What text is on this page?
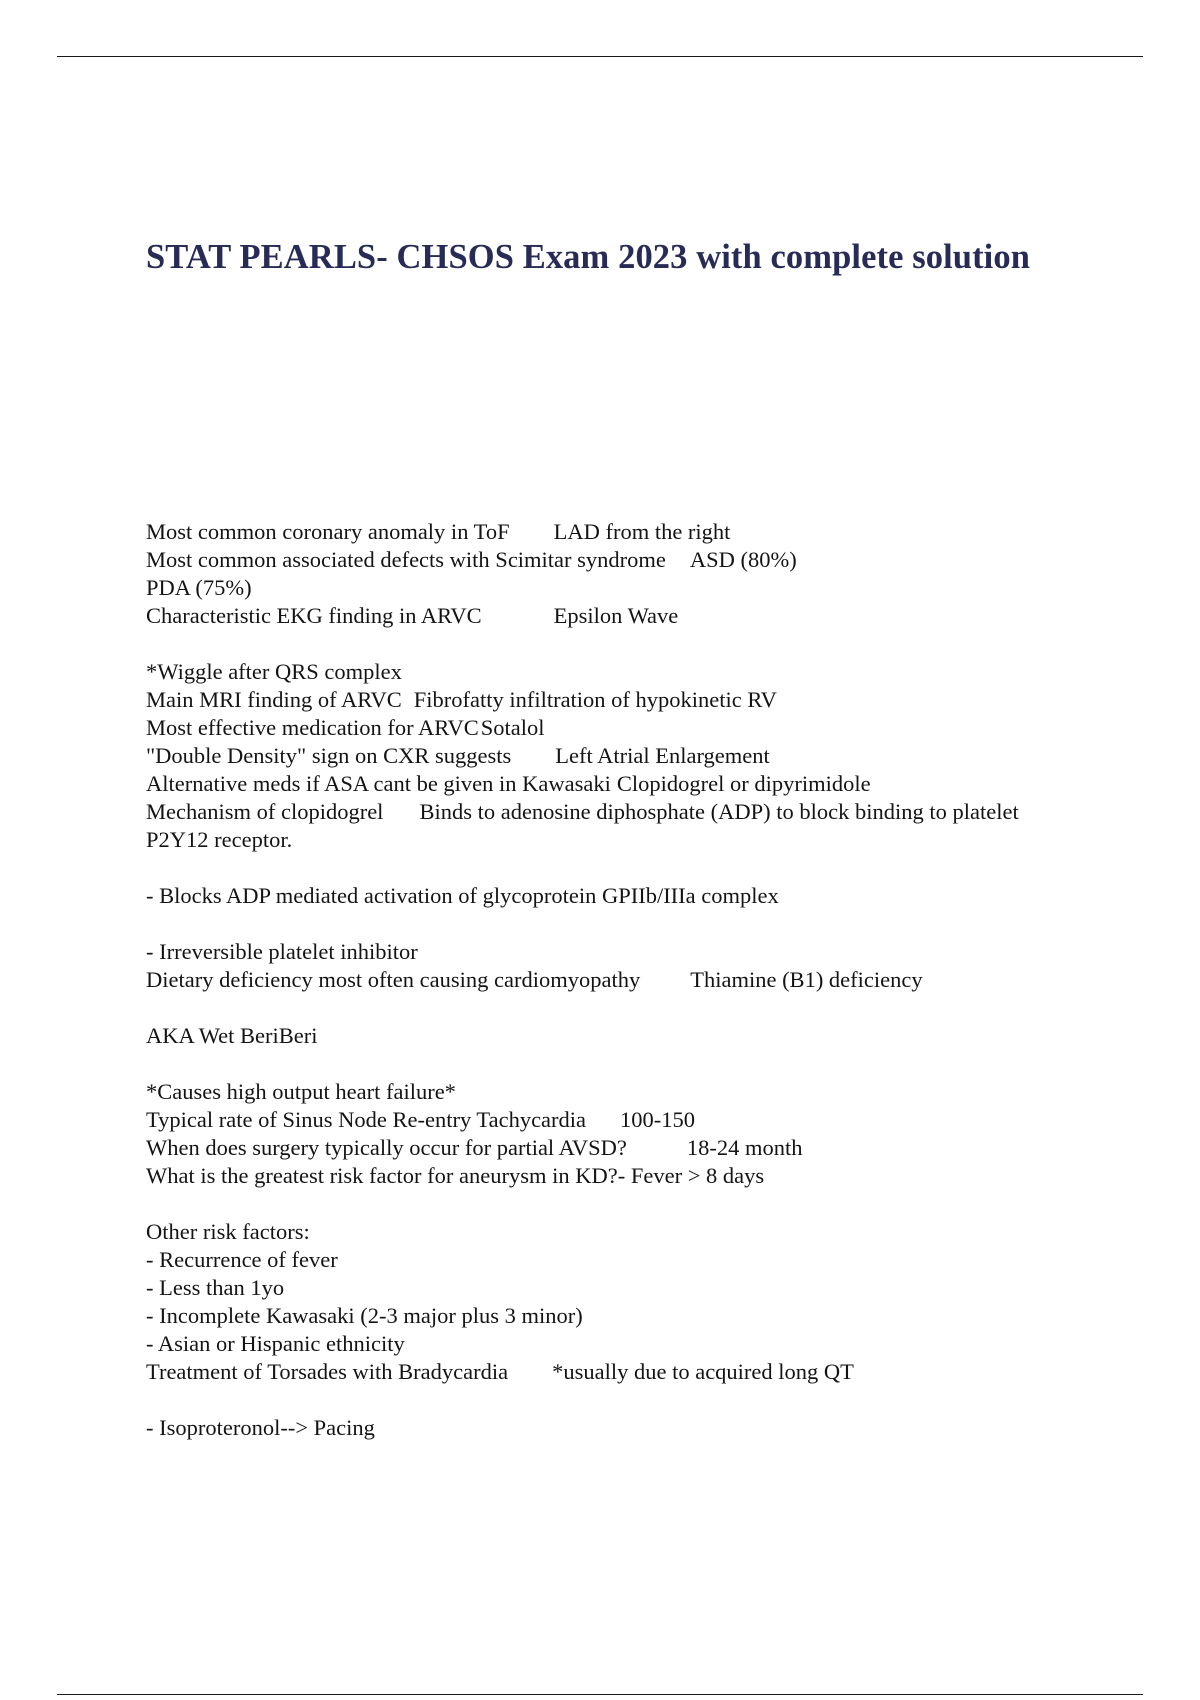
STAT PEARLS- CHSOS Exam 2023 with complete solution
Most common coronary anomaly in ToF LAD from the right
Most common associated defects with Scimitar syndrome ASD (80%)
PDA (75%)
Characteristic EKG finding in ARVC	Epsilon Wave
*Wiggle after QRS complex
Main MRI finding of ARVC Fibrofatty infiltration of hypokinetic RV
Most effective medication for ARVCSotalol
"Double Density" sign on CXR suggests Left Atrial Enlargement
Alternative meds if ASA cant be given in Kawasaki Clopidogrel or dipyrimidole
Mechanism of clopidogrel Binds to adenosine diphosphate (ADP) to block binding to platelet
P2Y12 receptor.
- Blocks ADP mediated activation of glycoprotein GPIIb/IIIa complex
- Irreversible platelet inhibitor
Dietary deficiency most often causing cardiomyopathy Thiamine (B1) deficiency
AKA Wet BeriBeri
*Causes high output heart failure*
Typical rate of Sinus Node Re-entry Tachycardia 100-150
When does surgery typically occur for partial AVSD?	18-24 month
What is the greatest risk factor for aneurysm in KD?- Fever > 8 days
Other risk factors:
- Recurrence of fever
- Less than 1yo
- Incomplete Kawasaki (2-3 major plus 3 minor)
- Asian or Hispanic ethnicity
Treatment of Torsades with Bradycardia *usually due to acquired long QT
- Isoproteronol--> Pacing
